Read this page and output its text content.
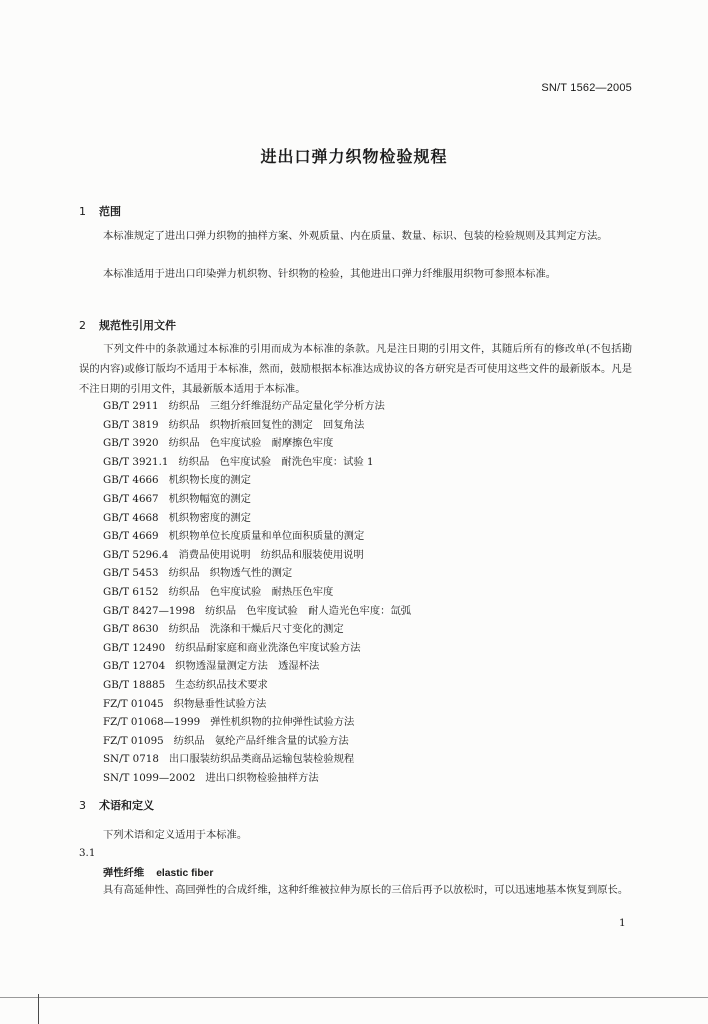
SN/T 1562—2005
进出口弹力织物检验规程
1 范围
本标准规定了进出口弹力织物的抽样方案、外观质量、内在质量、数量、标识、包装的检验规则及其判定方法。
本标准适用于进出口印染弹力机织物、针织物的检验，其他进出口弹力纤维服用织物可参照本标准。
2 规范性引用文件
下列文件中的条款通过本标准的引用而成为本标准的条款。凡是注日期的引用文件，其随后所有的修改单(不包括勘误的内容)或修订版均不适用于本标准，然而，鼓励根据本标准达成协议的各方研究是否可使用这些文件的最新版本。凡是不注日期的引用文件，其最新版本适用于本标准。
GB/T 2911 纺织品　三组分纤维混纺产品定量化学分析方法
GB/T 3819 纺织品　织物折痕回复性的测定　回复角法
GB/T 3920 纺织品　色牢度试验　耐摩擦色牢度
GB/T 3921.1 纺织品　色牢度试验　耐洗色牢度：试验 1
GB/T 4666 机织物长度的测定
GB/T 4667 机织物幅宽的测定
GB/T 4668 机织物密度的测定
GB/T 4669 机织物单位长度质量和单位面积质量的测定
GB/T 5296.4 消费品使用说明　纺织品和服装使用说明
GB/T 5453 纺织品　织物透气性的测定
GB/T 6152 纺织品　色牢度试验　耐热压色牢度
GB/T 8427—1998 纺织品　色牢度试验　耐人造光色牢度：氙弧
GB/T 8630 纺织品　洗涤和干燥后尺寸变化的测定
GB/T 12490 纺织品耐家庭和商业洗涤色牢度试验方法
GB/T 12704 织物透湿量测定方法　透湿杯法
GB/T 18885 生态纺织品技术要求
FZ/T 01045 织物悬垂性试验方法
FZ/T 01068—1999 弹性机织物的拉伸弹性试验方法
FZ/T 01095 纺织品　氨纶产品纤维含量的试验方法
SN/T 0718 出口服装纺织品类商品运输包装检验规程
SN/T 1099—2002 进出口织物检验抽样方法
3 术语和定义
下列术语和定义适用于本标准。
3.1
弹性纤维 elastic fiber
具有高延伸性、高回弹性的合成纤维，这种纤维被拉伸为原长的三倍后再予以放松时，可以迅速地基本恢复到原长。
1
